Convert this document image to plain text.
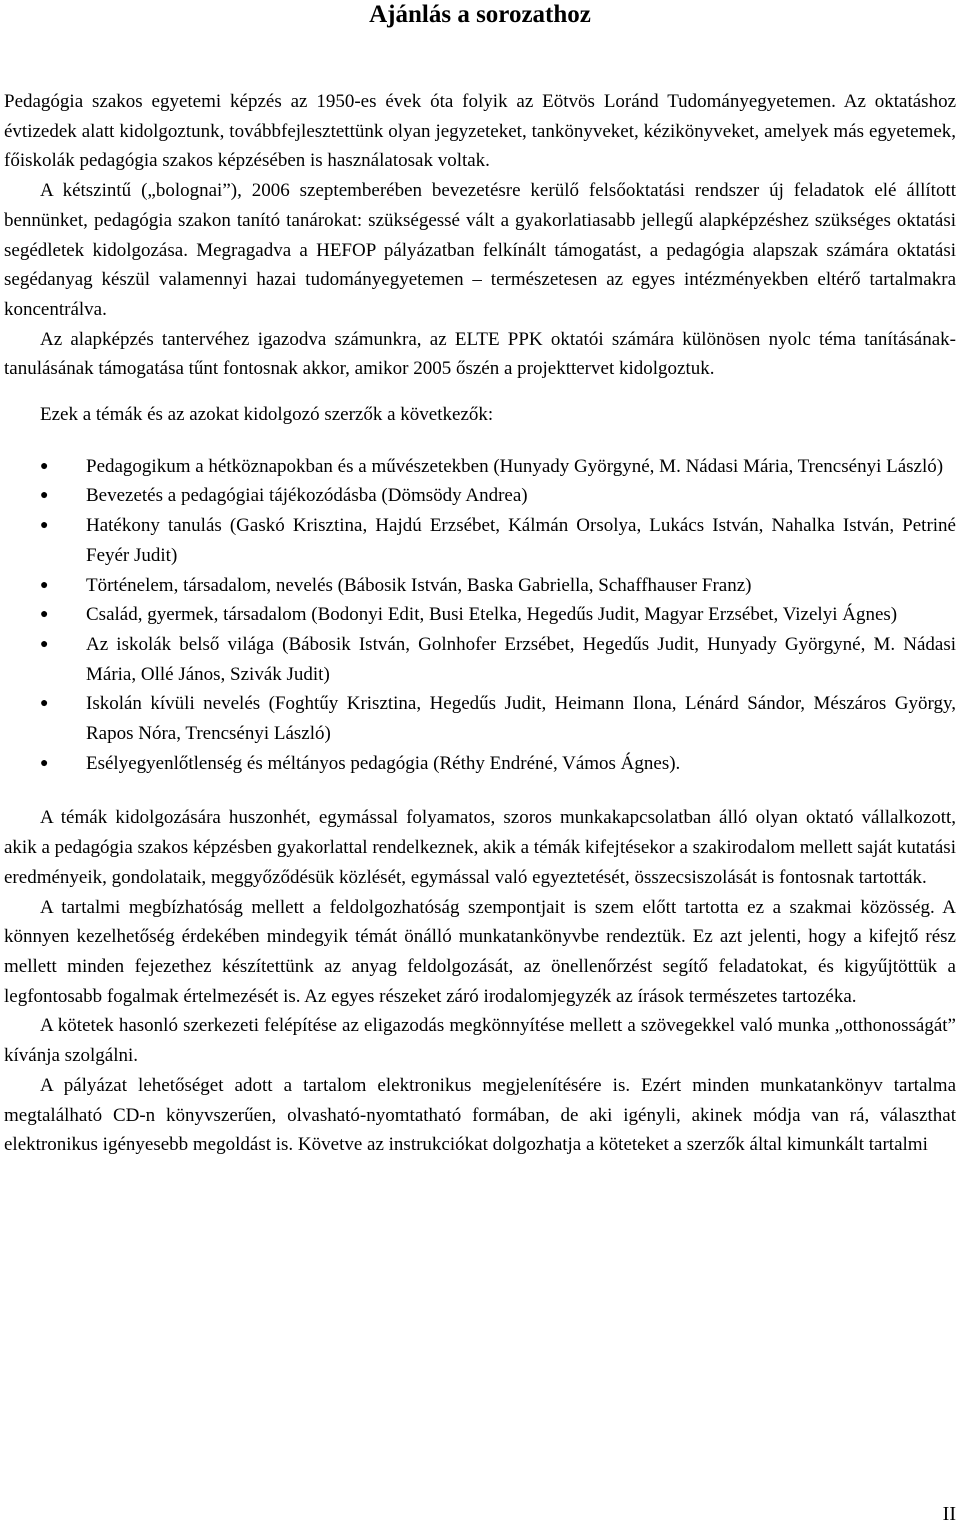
Ajánlás a sorozathoz

Pedagógia szakos egyetemi képzés az 1950-es évek óta folyik az Eötvös Loránd Tudományegyetemen. Az oktatáshoz évtizedek alatt kidolgoztunk, továbbfejlesztettünk olyan jegyzeteket, tankönyveket, kézikönyveket, amelyek más egyetemek, főiskolák pedagógia szakos képzésében is használatosak voltak.

A kétszintű („bolognai”), 2006 szeptemberében bevezetésre kerülő felsőoktatási rendszer új feladatok elé állított bennünket, pedagógia szakon tanító tanárokat: szükségessé vált a gyakorlatiasabb jellegű alapképzéshez szükséges oktatási segédletek kidolgozása. Megragadva a HEFOP pályázatban felkínált támogatást, a pedagógia alapszak számára oktatási segédanyag készül valamennyi hazai tudományegyetemen – természetesen az egyes intézményekben eltérő tartalmakra koncentrálva.

Az alapképzés tantervéhez igazodva számunkra, az ELTE PPK oktatói számára különösen nyolc téma tanításának-tanulásának támogatása tűnt fontosnak akkor, amikor 2005 őszén a projekttervet kidolgoztuk.

Ezek a témák és az azokat kidolgozó szerzők a következők:

● Pedagogikum a hétköznapokban és a művészetekben (Hunyady Györgyné, M. Nádasi Mária, Trencsényi László)
● Bevezetés a pedagógiai tájékozódásba (Dömsödy Andrea)
● Hatékony tanulás (Gaskó Krisztina, Hajdú Erzsébet, Kálmán Orsolya, Lukács István, Nahalka István, Petriné Feyér Judit)
● Történelem, társadalom, nevelés (Bábosik István, Baska Gabriella, Schaffhauser Franz)
● Család, gyermek, társadalom (Bodonyi Edit, Busi Etelka, Hegedűs Judit, Magyar Erzsébet, Vizelyi Ágnes)
● Az iskolák belső világa (Bábosik István, Golnhofer Erzsébet, Hegedűs Judit, Hunyady Györgyné, M. Nádasi Mária, Ollé János, Szivák Judit)
● Iskolán kívüli nevelés (Foghtűy Krisztina, Hegedűs Judit, Heimann Ilona, Lénárd Sándor, Mészáros György, Rapos Nóra, Trencsényi László)
● Esélyegyenlőtlenség és méltányos pedagógia (Réthy Endréné, Vámos Ágnes).

A témák kidolgozására huszonhét, egymással folyamatos, szoros munkakapcsolatban álló olyan oktató vállalkozott, akik a pedagógia szakos képzésben gyakorlattal rendelkeznek, akik a témák kifejtésekor a szakirodalom mellett saját kutatási eredményeik, gondolataik, meggyőződésük közlését, egymással való egyeztetését, összecsiszolását is fontosnak tartották.

A tartalmi megbízhatóság mellett a feldolgozhatóság szempontjait is szem előtt tartotta ez a szakmai közösség. A könnyen kezelhetőség érdekében mindegyik témát önálló munkatankönyvbe rendeztük. Ez azt jelenti, hogy a kifejtő rész mellett minden fejezethez készítettünk az anyag feldolgozását, az önellenőrzést segítő feladatokat, és kigyűjtöttük a legfontosabb fogalmak értelmezését is. Az egyes részeket záró irodalomjegyzék az írások természetes tartozéka.

A kötetek hasonló szerkezeti felépítése az eligazodás megkönnyítése mellett a szövegekkel való munka „otthonosságát” kívánja szolgálni.

A pályázat lehetőséget adott a tartalom elektronikus megjelenítésére is. Ezért minden munkatankönyv tartalma megtalálható CD-n könyvszerűen, olvasható-nyomtatható formában, de aki igényli, akinek módja van rá, választhat elektronikus igényesebb megoldást is. Követve az instrukciókat dolgozhatja a köteteket a szerzők által kimunkált tartalmi

II
